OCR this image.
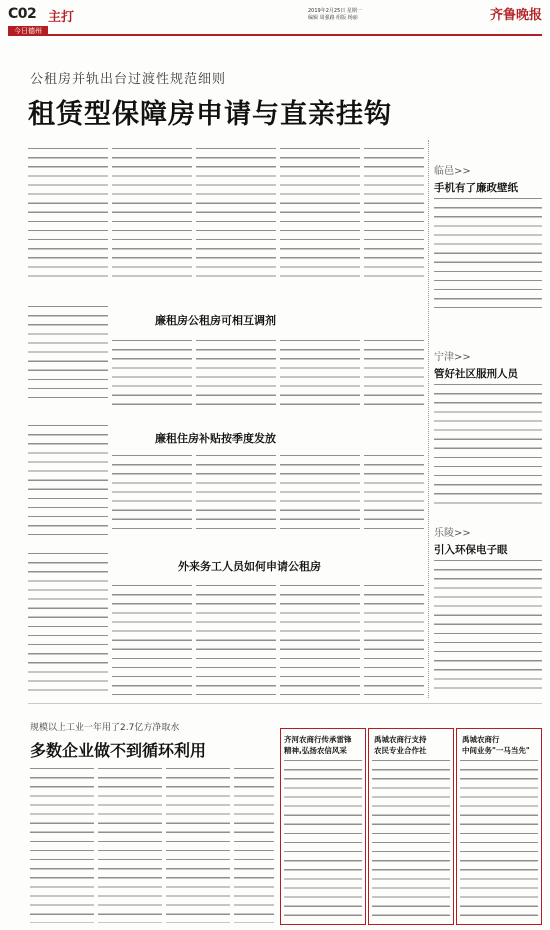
C02 主打
今日德州
2019年2月25日 星期一
编辑 周强路 组版 杨丽	齐鲁晚报
公租房并轨出台过渡性规范细则
租赁型保障房申请与直亲挂钩
廉租房公租房可相互调剂
廉租住房补贴按季度发放
外来务工人员如何申请公租房
临邑>>
手机有了廉政壁纸
宁津>>
管好社区服刑人员
乐陵>>
引入环保电子眼
规模以上工业一年用了2.7亿方净取水
多数企业做不到循环利用
齐河农商行传承雷锋
精神,弘扬农信风采
禹城农商行支持
农民专业合作社
禹城农商行
中间业务"一马当先"
